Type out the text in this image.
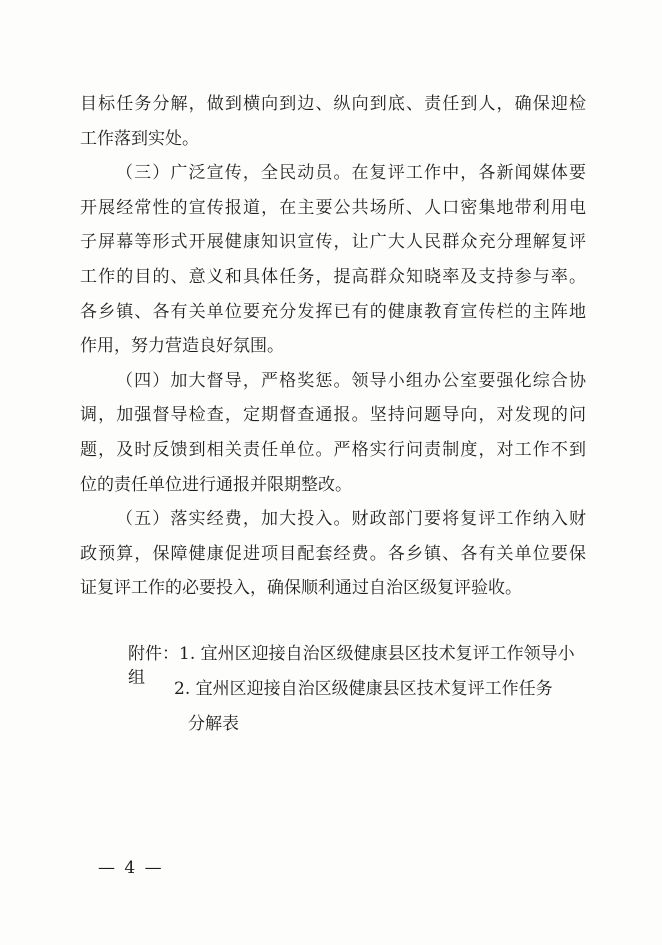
目标任务分解，做到横向到边、纵向到底、责任到人，确保迎检
工作落到实处。
（三）广泛宣传，全民动员。在复评工作中，各新闻媒体要
开展经常性的宣传报道，在主要公共场所、人口密集地带利用电
子屏幕等形式开展健康知识宣传，让广大人民群众充分理解复评
工作的目的、意义和具体任务，提高群众知晓率及支持参与率。
各乡镇、各有关单位要充分发挥已有的健康教育宣传栏的主阵地
作用，努力营造良好氛围。
（四）加大督导，严格奖惩。领导小组办公室要强化综合协
调，加强督导检查，定期督查通报。坚持问题导向，对发现的问
题，及时反馈到相关责任单位。严格实行问责制度，对工作不到
位的责任单位进行通报并限期整改。
（五）落实经费，加大投入。财政部门要将复评工作纳入财
政预算，保障健康促进项目配套经费。各乡镇、各有关单位要保
证复评工作的必要投入，确保顺利通过自治区级复评验收。
附件：1. 宜州区迎接自治区级健康县区技术复评工作领导小组
2. 宜州区迎接自治区级健康县区技术复评工作任务
分解表
— 4 —
